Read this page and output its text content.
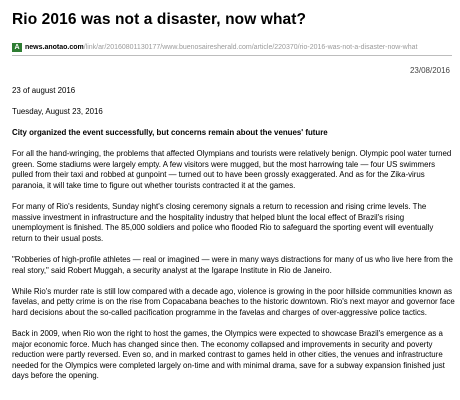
Rio 2016 was not a disaster, now what?
A news.anotao.com /link/ar/20160801130177/www.buenosairesherald.com/article/220370/rio-2016-was-not-a-disaster-now-what
23/08/2016

23 of august 2016

Tuesday, August 23, 2016

City organized the event successfully, but concerns remain about the venues' future

For all the hand-wringing, the problems that affected Olympians and tourists were relatively benign. Olympic pool water turned green. Some stadiums were largely empty. A few visitors were mugged, but the most harrowing tale — four US swimmers pulled from their taxi and robbed at gunpoint — turned out to have been grossly exaggerated. And as for the Zika-virus paranoia, it will take time to figure out whether tourists contracted it at the games.

For many of Rio's residents, Sunday night's closing ceremony signals a return to recession and rising crime levels. The massive investment in infrastructure and the hospitality industry that helped blunt the local effect of Brazil's rising unemployment is finished. The 85,000 soldiers and police who flooded Rio to safeguard the sporting event will eventually return to their usual posts.

"Robberies of high-profile athletes — real or imagined — were in many ways distractions for many of us who live here from the real story," said Robert Muggah, a security analyst at the Igarape Institute in Rio de Janeiro.

While Rio's murder rate is still low compared with a decade ago, violence is growing in the poor hillside communities known as favelas, and petty crime is on the rise from Copacabana beaches to the historic downtown. Rio's next mayor and governor face hard decisions about the so-called pacification programme in the favelas and charges of over-aggressive police tactics.

Back in 2009, when Rio won the right to host the games, the Olympics were expected to showcase Brazil's emergence as a major economic force. Much has changed since then. The economy collapsed and improvements in security and poverty reduction were partly reversed. Even so, and in marked contrast to games held in other cities, the venues and infrastructure needed for the Olympics were completed largely on-time and with minimal drama, save for a subway expansion finished just days before the opening.
